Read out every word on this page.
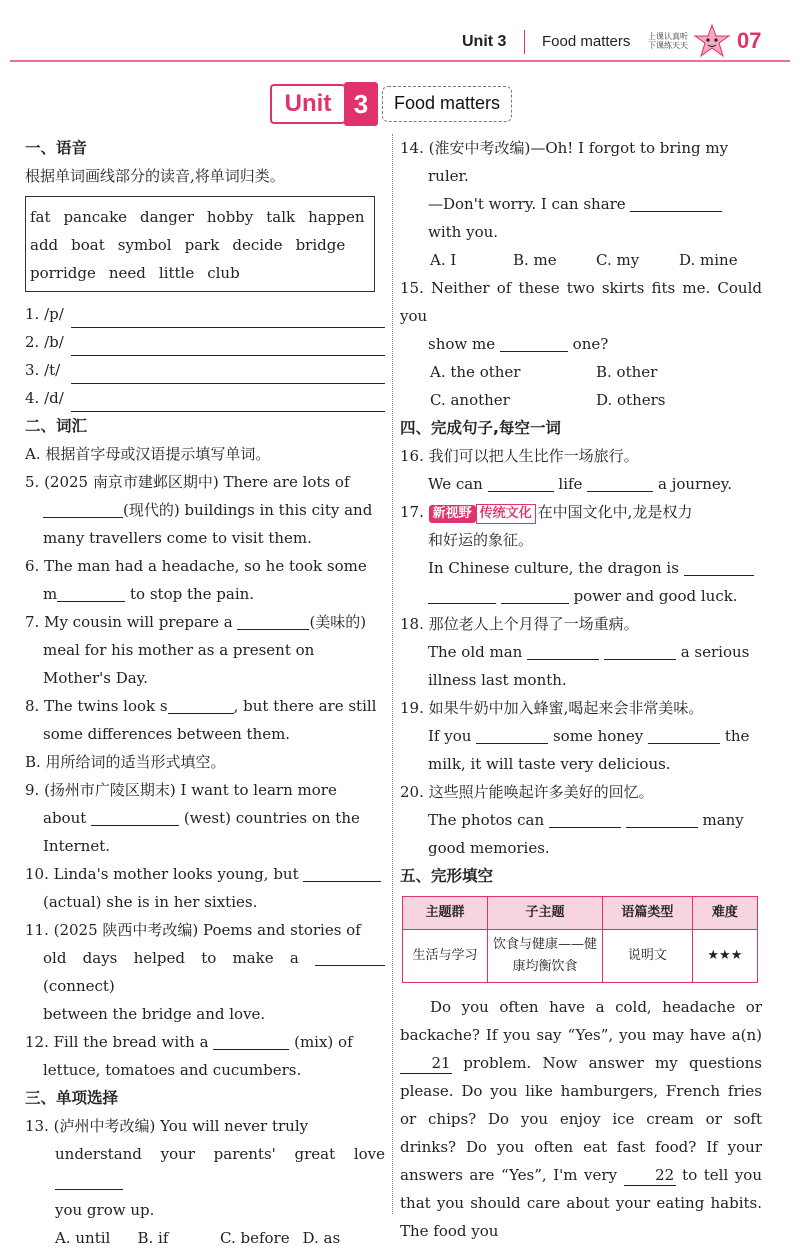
Unit 3 Food matters 上课认真听
下课练天天 07
Unit 3	Food matters

一、语音

根据单词画线部分的读音,将单词归类。

fat pancake danger hobby talk happen
add boat symbol park decide bridge
porridge need little club
1. /p/
2. /b/
3. /t/
4. /d/

二、词汇

A. 根据首字母或汉语提示填写单词。

5. (2025 南京市建邺区期中) There are lots of

(现代的) buildings in this city and

many travellers come to visit them.

6. The man had a headache, so he took some

m	to stop the pain.

7. My cousin will prepare a	(美味的)

meal for his mother as a present on

Mother's Day.

8. The twins look s	, but there are still

some differences between them.

B. 用所给词的适当形式填空。

9. (扬州市广陵区期末) I want to learn more

about	(west) countries on the

Internet.

10. Linda's mother looks young, but

(actual) she is in her sixties.

11. (2025 陕西中考改编) Poems and stories of

old days helped to make a (connect)

between the bridge and love.

12. Fill the bread with a	(mix) of

lettuce, tomatoes and cucumbers.

三、单项选择

13. (泸州中考改编) You will never truly

understand your parents' great love

you grow up.

A. until	B. if	C. before D. as

14. (淮安中考改编)—Oh! I forgot to bring my

ruler.

—Don't worry. I can share

with you.

A. I	B. me	C. my	D. mine

15. Neither of these two skirts fits me. Could you

show me	one?

A. the other	B. other
C. another	D. others

四、完成句子,每空一词

16. 我们可以把人生比作一场旅行。

We can	life	a journey.

17. 新视野 传统文化 在中国文化中,龙是权力

和好运的象征。

In Chinese culture, the dragon is

power and good luck.

18. 那位老人上个月得了一场重病。

The old man	a serious

illness last month.

19. 如果牛奶中加入蜂蜜,喝起来会非常美味。

If you	some honey	the

milk, it will taste very delicious.

20. 这些照片能唤起许多美好的回忆。

The photos can	many

good memories.

五、完形填空

主题群	子主题	语篇类型	难度
生活与学习	饮食与健康——健康均衡饮食	说明文	★★★

Do you often have a cold, headache or backache? If you say “Yes”, you may have a(n) 21 problem. Now answer my questions please. Do you like hamburgers, French fries or chips? Do you enjoy ice cream or soft drinks? Do you often eat fast food? If your answers are “Yes”, I'm very	22 to tell you that you should care about your eating habits. The food you
